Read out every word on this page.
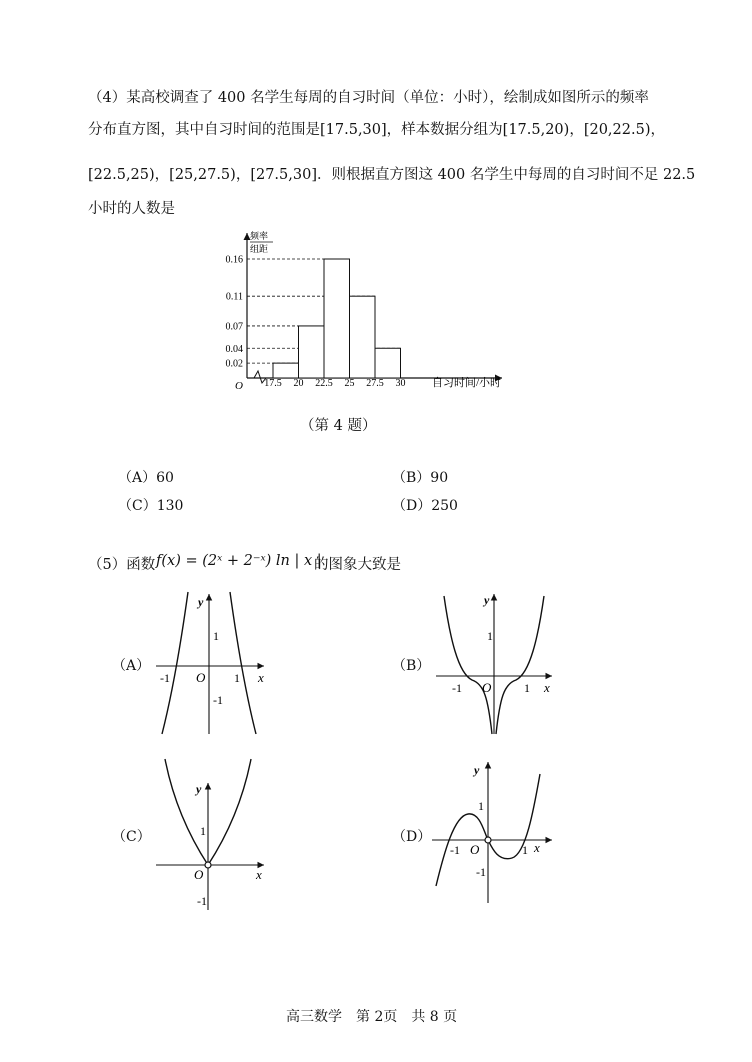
（4）某高校调查了 400 名学生每周的自习时间（单位：小时），绘制成如图所示的频率
分布直方图，其中自习时间的范围是[17.5,30]，样本数据分组为[17.5,20)，[20,22.5)，
[22.5,25)，[25,27.5)，[27.5,30]．则根据直方图这 400 名学生中每周的自习时间不足 22.5
小时的人数是
频率
组距
O	自习时间/小时
0.16
0.11
0.07
0.04
0.02
17.5 20 22.5 25 27.5 30
（第 4 题）
（A）60	（B）90
（C）130	（D）250
（5）函数 f(x) = (2ˣ + 2⁻ˣ) ln | x |
的图象大致是
（A）	（B）
（C）	（D）
y
x
O
1
-1
-1	1
y
x
O
1
-1	1
y
x
O
1
-1
y
x
O
1
-1
-1	1
高三数学　第 2页　共 8 页
